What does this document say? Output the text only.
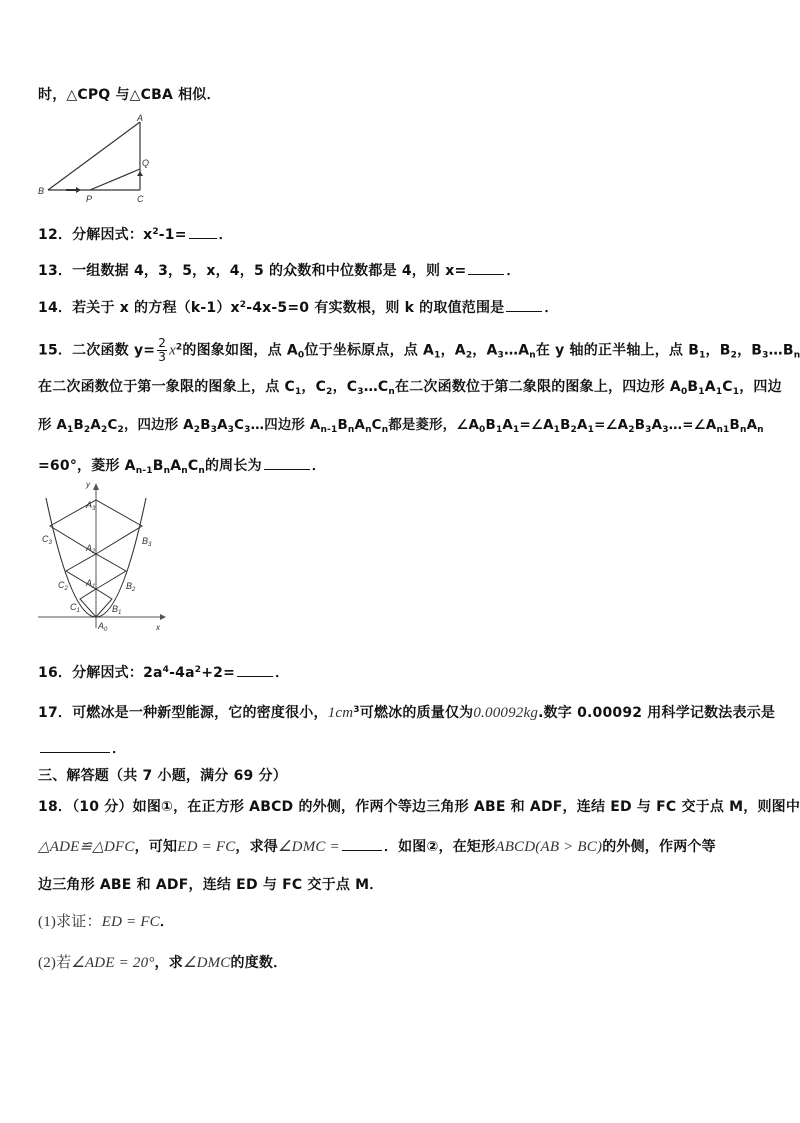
时，△CPQ 与△CBA 相似．
A
B
C
P
Q
12．分解因式：$x^2-1=$ ．
13．一组数据 4，3，5，x，4，5 的众数和中位数都是 4，则 x=	．
14．若关于 x 的方程$(k-1)x^2-4x-5=0$ 有实数根，则 k 的取值范围是	．
15．二次函数 $y= \frac{2}{3} x^2$的图象如图，点 $A_0$位于坐标原点，点 $A_1$，$A_2$，$A_3\dots A_n$在 y 轴的正半轴上，点 $B_1$，$B_2$，$B_3\dots B_n$
在二次函数位于第一象限的图象上，点 $C_1$，$C_2$，$C_3\dots C_n$在二次函数位于第二象限的图象上，四边形 $A_0B_1A_1C_1$，四边
形 $A_1B_2A_2C_2$，四边形 $A_2B_3A_3C_3\dots$四边形 $A_{n-1}B_nA_nC_n$都是菱形，$\angle A_0B_1A_1=\angle A_1B_2A_1=\angle A_2B_3A_3\dots=\angle A_{n1}B_nA_n$
=60°，菱形 $A_{n-1}B_nA_nC_n$的周长为	．
y
x
$A_0$
$A_1$
$A_2$
$A_3$
$B_1$
$B_2$
$B_3$
$C_1$
$C_2$
$C_3$
16．分解因式：$2a^4-4a^2+2=$	．
17．可燃冰是一种新型能源，它的密度很小，$1cm^3$可燃冰的质量仅为0.00092kg.数字 0.00092 用科学记数法表示是
．
三、解答题（共 7 小题，满分 69 分）
18．（10 分）如图①，在正方形 ABCD 的外侧，作两个等边三角形 ABE 和 ADF，连结 ED 与 FC 交于点 M，则图中
△ADE≌△DFC，可知ED = FC，求得∠DMC =	．如图②，在矩形ABCD(AB > BC)的外侧，作两个等
边三角形 ABE 和 ADF，连结 ED 与 FC 交于点 M．
(1)求证：ED = FC．
(2)若∠ADE = 20°，求∠DMC的度数．
